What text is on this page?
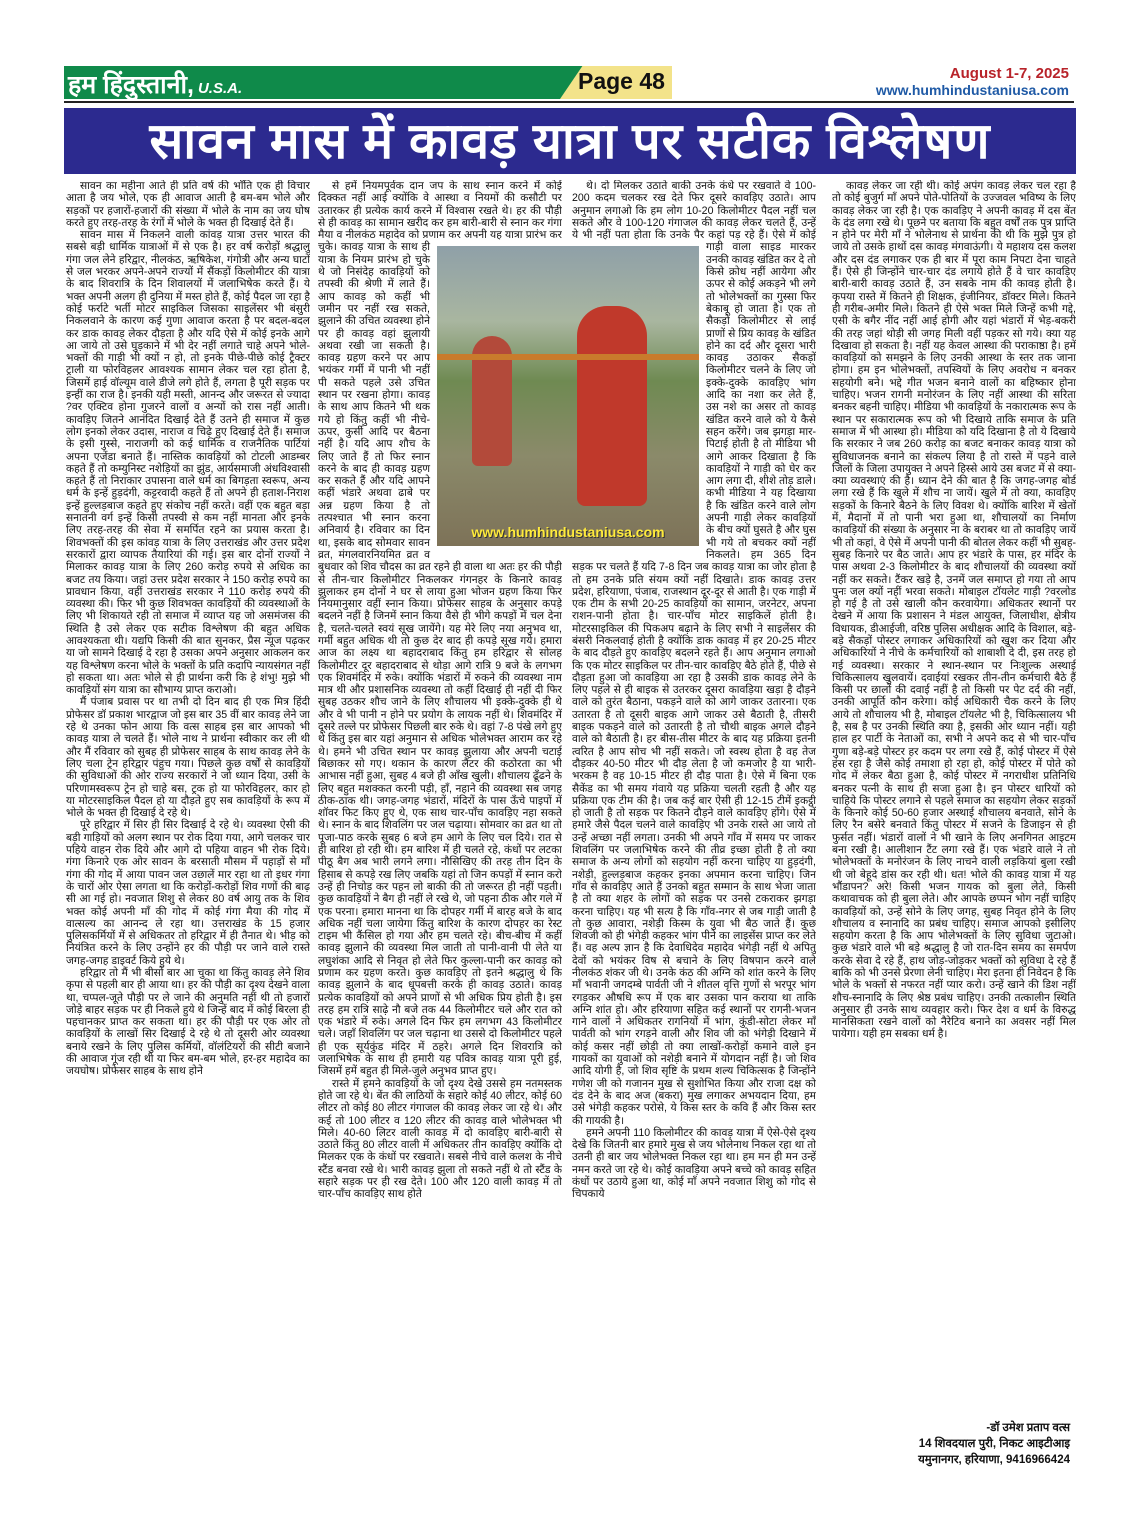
हम हिंदुस्तानी, U.S.A.	Page 48	August 1-7, 2025
www.humhindustaniusa.com
सावन मास में कावड़ यात्रा पर सटीक विश्लेषण

सावन का महीना आते ही प्रति वर्ष की भाँति एक ही विचार आता है जय भोले, एक ही आवाज आती है बम-बम भोले और सड़कों पर हजारों-हजारों की संख्या में भोले के नाम का जय घोष करते हुए तरह-तरह के रंगों में भोले के भक्त ही दिखाई देते हैं।

सावन मास में निकलने वाली कांवड़ यात्रा उत्तर भारत की सबसे बड़ी धार्मिक यात्राओं में से एक है। हर वर्ष करोड़ों श्रद्धालु गंगा जल लेने हरिद्वार, नीलकंठ, ऋषिकेश, गंगोत्री और अन्य घाटों से जल भरकर अपने-अपने राज्यों में सैंकड़ों किलोमीटर की यात्रा के बाद शिवरात्रि के दिन शिवालयों में जलाभिषेक करते हैं। ये भक्त अपनी अलग ही दुनिया में मस्त होते हैं, कोई पैदल जा रहा है कोई फर्राटे भर्ती मोटर साइकिल जिसका साइलेंसर भी बंसुरी निकलवाने के कारण कई गुणा आवाज करता है पर बदल-बदल कर डाक कावड़ लेकर दौड़ता है और यदि ऐसे में कोई इनके आगे आ जाये तो उसे घुड़काने में भी देर नहीं लगाते चाहे अपने भोले-भक्तों की गाड़ी भी क्यों न हो, तो इनके पीछे-पीछे कोई ट्रैक्टर ट्राली या फोरविहलर आवश्यक सामान लेकर चल रहा होता है, जिसमें हाई वॉल्यूम वाले डीजे लगे होते हैं, लगता है पूरी सड़क पर इन्हीं का राज है। इनकी यही मस्ती, आनन्द और जरूरत से ज्यादा ?वर एक्टिव होना गुजरने वालों व अन्यों को रास नहीं आती। कावड़िए जितने आनंदित दिखाई देते हैं उतने ही समाज में कुछ लोग इनको लेकर उदास, नाराज व चिढ़े हुए दिखाई देते हैं। समाज के इसी गुस्से, नाराजगी को कई धार्मिक व राजनैतिक पार्टियां अपना एजेंडा बनाते हैं। नास्तिक कावड़ियों को टोटली आडम्बर कहते हैं तो कम्युनिस्ट नशेड़ियों का झुंड, आर्यसमाजी अंधविश्वासी कहते हैं तो निराकार उपासना वाले धर्म का बिगड़ता स्वरूप, अन्य धर्म के इन्हें हुड़दंगी, कट्टरवादी कहते हैं तो अपने ही हताश-निराश इन्हें हुल्लड़बाज कहते हुए संकोच नहीं करते। वहीं एक बहुत बड़ा सनातनी वर्ग इन्हें किसी तपस्वी से कम नहीं मानता और इनके लिए तरह-तरह की सेवा में समर्पित रहने का प्रयास करता है। शिवभक्तों की इस कांवड़ यात्रा के लिए उत्तराखंड और उत्तर प्रदेश सरकारों द्वारा व्यापक तैयारियां की गई। इस बार दोनों राज्यों ने मिलाकर कावड़ यात्रा के लिए 260 करोड़ रुपये से अधिक का बजट तय किया। जहां उत्तर प्रदेश सरकार ने 150 करोड़ रुपये का प्रावधान किया, वहीं उत्तराखंड सरकार ने 110 करोड़ रुपये की व्यवस्था की। फिर भी कुछ शिवभक्त कावड़ियों की व्यवस्थाओं के लिए भी शिकायते रही तो समाज में व्याप्त यह जो असमंजस की स्थिति है उसे लेकर एक सटीक विश्लेषण की बहुत अधिक आवश्यकता थी। यद्यपि किसी की बात सुनकर, प्रैस न्यूज पढ़कर या जो सामने दिखाई दे रहा है उसका अपने अनुसार आकलन कर यह विश्लेषण करना भोले के भक्तों के प्रति कदापि न्यायसंगत नहीं हो सकता था। अतः भोले से ही प्रार्थना करी कि हे शंभु! मुझे भी कावड़ियों संग यात्रा का सौभाग्य प्राप्त कराओ।

मैं पंजाब प्रवास पर था तभी दो दिन बाद ही एक मित्र हिंदी प्रोफेसर डॉ प्रकाश भारद्वाज जो इस बार 35 वीं बार कावड़ लेने जा रहे थे उनका फोन आया कि वत्स साहब इस बार आपको भी कावड़ यात्रा ले चलते हैं। भोले नाथ ने प्रार्थना स्वीकार कर ली थी और मैं रविवार को सुबह ही प्रोफेसर साहब के साथ कावड़ लेने के लिए चला ट्रेन हरिद्वार पंहुच गया। पिछले कुछ वर्षों से कावड़ियों की सुविधाओं की ओर राज्य सरकारों ने जो ध्यान दिया, उसी के परिणामस्वरूप ट्रेन हो चाहे बस, ट्रक हो या फोरविहलर, कार हो या मोटरसाइकिल पैदल हो या दौड़ते हुए सब कावड़ियों के रूप में भोले के भक्त ही दिखाई दे रहे थे।

पूरे हरिद्वार में सिर ही सिर दिखाई दे रहे थे। व्यवस्था ऐसी की बड़ी गाड़ियों को अलग स्थान पर रोक दिया गया, आगे चलकर चार पहिये वाहन रोक दिये और आगे दो पहिया वाहन भी रोक दिये। गंगा किनारे एक ओर सावन के बरसाती मौसम में पहाड़ों से माँ गंगा की गोद में आया पावन जल उछालें मार रहा था तो इधर गंगा के चारों ओर ऐसा लगता था कि करोड़ों-करोड़ों शिव गणों की बाढ़ सी आ गई हो। नवजात शिशु से लेकर 80 वर्ष आयु तक के शिव भक्त कोई अपनी माँ की गोद में कोई गंगा मैया की गोद में वात्सल्य का आनन्द ले रहा था। उत्तराखंड के 15 हजार पुलिसकर्मियों में से अधिकतर तो हरिद्वार में ही तैनात थे। भीड़ को नियंत्रित करने के लिए उन्होंने हर की पौड़ी पर जाने वाले रास्ते जगह-जगह डाइवर्ट किये हुये थे।

हरिद्वार तो मैं भी बीसों बार आ चुका था किंतु कावड़ लेने शिव कृपा से पहली बार ही आया था। हर की पौड़ी का दृश्य देखने वाला था, चप्पल-जूते पौड़ी पर ले जाने की अनुमति नहीं थी तो हजारों जोड़े बाहर सड़क पर ही निकले हुये थे जिन्हें बाद में कोई बिरला ही पहचानकर प्राप्त कर सकता था। हर की पौड़ी पर एक ओर तो कावड़ियों के लाखों सिर दिखाई दे रहे थे तो दूसरी ओर व्यवस्था बनाये रखने के लिए पुलिस कर्मियों, वॉलंटियरों की सीटी बजाने की आवाज गूंज रही थी या फिर बम-बम भोले, हर-हर महादेव का जयघोष। प्रोफेसर साहब के साथ होने

से हमें नियमपूर्वक दान जप के साथ स्नान करने में कोई दिक्कत नहीं आई क्योंकि वे आस्था व नियमों की कसौटी पर उतारकर ही प्रत्येक कार्य करने में विश्वास रखते थे। हर की पौड़ी से ही कावड़ का सामान खरीद कर हम बारी-बारी से स्नान कर गंगा मैया व नीलकंठ महादेव को प्रणाम कर अपनी यह यात्रा प्रारंभ कर चुके। कावड़ यात्रा के साथ ही यात्रा के नियम प्रारंभ हो चुके थे जो निसंदेह कावड़ियों को तपस्वी की श्रेणी में लाते हैं। आप कावड़ को कहीं भी जमीन पर नहीं रख सकते, झुलाने की उचित व्यवस्था होने पर ही कावड़ वहां झुलायी अथवा रखी जा सकती है। कावड़ ग्रहण करने पर आप भयंकर गर्मी में पानी भी नहीं पी सकते पहले उसे उचित स्थान पर रखना होगा। कावड़ के साथ आप कितने भी थक गये हो किंतु कहीं भी नीचे-ऊपर, कुर्सी आदि पर बैठना नहीं है। यदि आप शौच के लिए जाते हैं तो फिर स्नान करने के बाद ही कावड़ ग्रहण कर सकते हैं और यदि आपने कहीं भंडारे अथवा ढाबे पर अन्न ग्रहण किया है तो तत्पश्चात भी स्नान करना अनिवार्य है। रविवार का दिन था, इसके बाद सोमवार सावन व्रत, मंगलवारनियमित व्रत व बुधवार को शिव चौदस का व्रत रहने ही वाला था अतः हर की पौड़ी से तीन-चार किलोमीटर निकलकर गंगनहर के किनारे कावड़ झुलाकर हम दोनों ने घर से लाया हुआ भोजन ग्रहण किया फिर नियमानुसार वहीं स्नान किया। प्रोफेसर साहब के अनुसार कपड़े बदलने नहीं है जिनमें स्नान किया वैसे ही भीगे कपड़ों में चल देना है, चलते-चलते स्वयं सूख जायेंगे। यह मेरे लिए नया अनुभव था, गर्मी बहुत अधिक थी तो कुछ देर बाद ही कपड़े सूख गये। हमारा आज का लक्ष्य था बहादराबाद किंतु हम हरिद्वार से सोलह किलोमीटर दूर बहादराबाद से थोड़ा आगे रात्रि 9 बजे के लगभग एक शिवमंदिर में रुके। क्योंकि भंडारों में रुकने की व्यवस्था नाम मात्र थी और प्रशासनिक व्यवस्था तो कहीं दिखाई ही नहीं दी फिर सुबह उठकर शौच जाने के लिए शौचालय भी इक्के-दुक्के ही थे और वे भी पानी न होने पर प्रयोग के लायक नहीं थे। शिवमंदिर में दूसरे तल्ले पर प्रोफेसर पिछली बार रुके थे। वहां 7-8 पंखे लगे हुए थे किंतु इस बार यहां अनुमान से अधिक भोलेभक्त आराम कर रहे थे। हमने भी उचित स्थान पर कावड़ झुलाया और अपनी चटाई बिछाकर सो गए। थकान के कारण लैंटर की कठोरता का भी आभास नहीं हुआ, सुबह 4 बजे ही आँख खुली। शौचालय ढूँढने के लिए बहुत मशक्कत करनी पड़ी, हाँ, नहाने की व्यवस्था सब जगह ठीक-ठाक थी। जगह-जगह भंडारों, मंदिरों के पास ऊँचे पाइपों में शॉवर फिट किए हुए थे, एक साथ चार-पाँच कावड़िए नहा सकते थे। स्नान के बाद शिवलिंग पर जल चढ़ाया। सोमवार का व्रत था तो पूजा-पाठ करके सुबह 6 बजे हम आगे के लिए चल दिये। रात से ही बारिश हो रही थी। हम बारिश में ही चलते रहे, कंधों पर लटका पीठू बैग अब भारी लगने लगा। नौसिखिए की तरह तीन दिन के हिसाब से कपड़े रख लिए जबकि यहां तो जिन कपड़ों में स्नान करो उन्हें ही निचोड़ कर पहन लो बाकी की तो जरूरत ही नहीं पड़ती। कुछ कावड़ियों ने बैग ही नहीं ले रखे थे, जो पहना ठीक और गले में एक परना। हमारा मानना था कि दोपहर गर्मी में बारह बजे के बाद अधिक नहीं चला जायेगा किंतु बारिश के कारण दोपहर का रेस्ट टाइम भी कैंसिल हो गया और हम चलते रहे। बीच-बीच में कहीं कावड़ झुलाने की व्यवस्था मिल जाती तो पानी-वानी पी लेते या लघुशंका आदि से निवृत हो लेते फिर कुल्ला-पानी कर कावड़ को प्रणाम कर ग्रहण करते। कुछ कावड़िए तो इतने श्रद्धालु थे कि कावड़ झुलाने के बाद धूपबत्ती करके ही कावड़ उठाते। कावड़ प्रत्येक कावड़ियों को अपने प्राणों से भी अधिक प्रिय होती है। इस तरह हम रात्रि साढ़े नौ बजे तक 44 किलोमीटर चले और रात को एक भंडारे में रुके। अगले दिन फिर हम लगभग 43 किलोमीटर चले। जहाँ शिवलिंग पर जल चढ़ाना था उससे दो किलोमीटर पहले ही एक सूर्यकुंड मंदिर में ठहरे। अगले दिन शिवरात्रि को जलाभिषेक के साथ ही हमारी यह पवित्र कावड़ यात्रा पूरी हुई, जिसमें हमें बहुत ही मिले-जुले अनुभव प्राप्त हुए।

रास्ते में हमने कावड़ियों के जो दृश्य देखे उससे हम नतमस्तक होते जा रहे थे। बेंत की लाठियों के सहारे कोई 40 लीटर, कोई 60 लीटर तो कोई 80 लीटर गंगाजल की कावड़ लेकर जा रहे थे। और कई तो 100 लीटर व 120 लीटर की कावड़ वाले भोलेभक्त भी मिले। 40-60 लिटर वाली कावड़ में दो कावड़िए बारी-बारी से उठाते किंतु 80 लीटर वाली में अधिकतर तीन कावड़िए क्योंकि दो मिलकर एक के कंधों पर रखवाते। सबसे नीचे वाले कलश के नीचे स्टैंड बनवा रखे थे। भारी कावड़ झुला तो सकते नहीं थे तो स्टैंड के सहारे सड़क पर ही रख देते। 100 और 120 वाली कावड़ में तो चार-पाँच कावड़िए साथ होते

थे। दो मिलकर उठाते बाकी उनके कंधे पर रखवाते वे 100-200 कदम चलकर रख देते फिर दूसरे कावड़िए उठाते। आप अनुमान लगाओ कि हम लोग 10-20 किलोमीटर पैदल नहीं चल सकते और वे 100-120 गंगाजल की कावड़ लेकर चलते हैं, उन्हें ये भी नहीं पता होता कि उनके पैर कहां पड़ रहे हैं। ऐसे में कोई गाड़ी वाला साइड मारकर उनकी कावड़ खंडित कर दे तो किसे क्रोध नहीं आयेगा और ऊपर से कोई अकड़ने भी लगे तो भोलेभक्तों का गुस्सा फिर बेकाबू हो जाता है। एक तो सैकड़ों किलोमीटर से लाई प्राणों से प्रिय कावड़ के खंडित होने का दर्द और दूसरा भारी कावड़ उठाकर सैकड़ों किलोमीटर चलने के लिए जो इक्के-दुक्के कावड़िए भांग आदि का नशा कर लेते हैं, उस नशे का असर तो कावड़ खंडित करने वाले को ये कैसे सहन करेंगे। जब झगड़ा मार-पिटाई होती है तो मीडिया भी आगे आकर दिखाता है कि कावड़ियों ने गाड़ी को घेर कर आग लगा दी, शीशे तोड़ डाले। कभी मीडिया ने यह दिखाया है कि खंडित करने वाले लोग अपनी गाड़ी लेकर कावड़ियों के बीच क्यों घुसते है और घुस भी गये तो बचकर क्यों नहीं निकलते। हम 365 दिन सड़क पर चलते हैं यदि 7-8 दिन जब कावड़ यात्रा का जोर होता है तो हम उनके प्रति संयम क्यों नहीं दिखाते। डाक कावड़ उत्तर प्रदेश, हरियाणा, पंजाब, राजस्थान दूर-दूर से आती है। एक गाड़ी में एक टीम के सभी 20-25 कावड़ियों का सामान, जरनेटर, अपना राशन-पानी होता है। चार-पाँच मोटर साइकिलें होती है। मोटरसाइकिल की पिकअप बढ़ाने के लिए सभी ने साइलेंसर की बंसरी निकलवाई होती है क्योंकि डाक कावड़ में हर 20-25 मीटर के बाद दौड़ते हुए कावड़िए बदलने रहते हैं। आप अनुमान लगाओ कि एक मोटर साइकिल पर तीन-चार कावड़िए बैठे होते हैं, पीछे से दौड़ता हुआ जो कावड़िया आ रहा है उसकी डाक कावड़ लेने के लिए पहले से ही बाइक से उतरकर दूसरा कावड़िया खड़ा है दौड़ने वाले को तुरंत बैठाना, पकड़ने वाले को आगे जाकर उतारना। एक उतारता है तो दूसरी बाइक आगे जाकर उसे बैठाती है, तीसरी बाइक पकड़ने वाले को उतारती है तो चौथी बाइक अगले दौड़ने वाले को बैठाती है। हर बीस-तीस मीटर के बाद यह प्रक्रिया इतनी त्वरित है आप सोच भी नहीं सकते। जो स्वस्थ होता है वह तेज दौड़कर 40-50 मीटर भी दौड़ लेता है जो कमजोर है या भारी-भरकम है वह 10-15 मीटर ही दौड़ पाता है। ऐसे में बिना एक सैकेंड का भी समय गंवाये यह प्रक्रिया चलती रहती है और यह प्रक्रिया एक टीम की है। जब कई बार ऐसी ही 12-15 टीमें इकट्ठी हो जाती है तो सड़क पर कितने दौड़ने वाले कावड़िए होंगे। ऐसे में हमारे जैसे पैदल चलने वाले कावड़िए भी उनके रास्ते आ जाये तो उन्हें अच्छा नहीं लगता। उनकी भी अपने गाँव में समय पर जाकर शिवलिंग पर जलाभिषेक करने की तीव्र इच्छा होती है तो क्या समाज के अन्य लोगों को सहयोग नहीं करना चाहिए या हुड़दंगी, नशेड़ी, हुल्लड़बाज कहकर इनका अपमान करना चाहिए। जिन गाँव से कावड़िए आते हैं उनको बहुत सम्मान के साथ भेजा जाता है तो क्या शहर के लोगों को सड़क पर उनसे टकराकर झगड़ा करना चाहिए। यह भी सत्य है कि गाँव-नगर से जब गाड़ी जाती है तो कुछ आवारा, नशेड़ी किस्म के युवा भी बैठ जाते हैं। कुछ शिवजी को ही भंगेड़ी कहकर भांग पीने का लाइसेंस प्राप्त कर लेते हैं। वह अल्प ज्ञान है कि देवाधिदेव महादेव भंगेड़ी नहीं थे अपितु देवों को भयंकर विष से बचाने के लिए विषपान करने वाले नीलकंठ शंकर जी थे। उनके कंठ की अग्नि को शांत करने के लिए माँ भवानी जगदम्बे पार्वती जी ने शीतल वृत्ति गुणों से भरपूर भांग रगड़कर औषधि रूप में एक बार उसका पान कराया था ताकि अग्नि शांत हो। और हरियाणा सहित कई स्थानों पर रागनी-भजन गाने वालों ने अधिकतर रागनियों में भांग, कुंडी-सोटा लेकर माँ पार्वती को भांग रगड़ने वाली और शिव जी को भंगेड़ी दिखाने में कोई कसर नहीं छोड़ी तो क्या लाखों-करोड़ों कमाने वाले इन गायकों का युवाओं को नशेड़ी बनाने में योगदान नहीं है। जो शिव आदि योगी है, जो शिव सृष्टि के प्रथम शल्य चिकित्सक है जिन्होंने गणेश जी को गजानन मुख से सुशोभित किया और राजा दक्ष को दंड देने के बाद अज (बकरा) मुख लगाकर अभयदान दिया, हम उसे भंगेड़ी कहकर परोसे, ये किस स्तर के कवि हैं और किस स्तर की गायकी है।

हमने अपनी 110 किलोमीटर की कावड़ यात्रा में ऐसे-ऐसे दृश्य देखे कि जितनी बार हमारे मुख से जय भोलेनाथ निकल रहा था तो उतनी ही बार जय भोलेभक्त निकल रहा था। हम मन ही मन उन्हें नमन करते जा रहे थे। कोई कावड़िया अपने बच्चे को कावड़ सहित कंधों पर उठाये हुआ था, कोई माँ अपने नवजात शिशु को गोद से चिपकाये

कावड़ लेकर जा रही थी। कोई अपंग कावड़ लेकर चल रहा है तो कोई बुजुर्ग माँ अपने पोते-पोतियों के उज्जवल भविष्य के लिए कावड़ लेकर जा रही है। एक कावड़िए ने अपनी कावड़ में दस बेंत के दंड लगा रखे थे। पूछने पर बताया कि बहुत वर्षों तक पुत्र प्राप्ति न होने पर मेरी माँ ने भोलेनाथ से प्रार्थना की थी कि मुझे पुत्र हो जाये तो उसके हाथों दस कावड़ मंगवाऊंगी। ये महाशय दस कलश और दस दंड लगाकर एक ही बार में पूरा काम निपटा देना चाहते हैं। ऐसे ही जिन्होंने चार-चार दंड लगाये होते हैं वे चार कावड़िए बारी-बारी कावड़ उठाते हैं, उन सबके नाम की कावड़ होती है। कृपया रास्ते में कितने ही शिक्षक, इंजीनियर, डॉक्टर मिले। कितने ही गरीब-अमीर मिले। कितने ही ऐसे भक्त मिले जिन्हें कभी गद्दे, एसी के बगैर नींद नहीं आई होगी और यहां भंडारों में भेड़-बकरी की तरह जहां थोड़ी सी जगह मिली वहीं पड़कर सो गये। क्या यह दिखावा हो सकता है। नहीं यह केवल आस्था की पराकाष्ठा है। हमें कावड़ियों को समझने के लिए उनकी आस्था के स्तर तक जाना होगा। हम इन भोलेभक्तों, तपस्वियों के लिए अवरोध न बनकर सहयोगी बने। भद्दे गीत भजन बनाने वालों का बहिष्कार होना चाहिए। भजन रागनी मनोरंजन के लिए नहीं आस्था की सरिता बनकर बहनी चाहिए। मीडिया भी कावड़ियों के नकारात्मक रूप के स्थान पर सकारात्मक रूप को भी दिखाये ताकि समाज के प्रति समाज में भी आस्था हो। मीडिया को यदि दिखाना है तो ये दिखाये कि सरकार ने जब 260 करोड़ का बजट बनाकर कावड़ यात्रा को सुविधाजनक बनाने का संकल्प लिया है तो रास्ते में पड़ने वाले जिलों के जिला उपायुक्त ने अपने हिस्से आये उस बजट में से क्या-क्या व्यवस्थाएं की है। ध्यान देने की बात है कि जगह-जगह बोर्ड लगा रखे हैं कि खुले में शौच ना जायें। खुले में तो क्या, कावड़िए सड़कों के किनारे बैठने के लिए विवश थे। क्योंकि बारिश में खेतों में, मैदानों में तो पानी भरा हुआ था, शौचालयों का निर्माण कावड़ियों की संख्या के अनुसार ना के बराबर था तो कावड़िए जायें भी तो कहां, वे ऐसे में अपनी पानी की बोतल लेकर कहीं भी सुबह-सुबह किनारे पर बैठ जाते। आप हर भंडारे के पास, हर मंदिर के पास अथवा 2-3 किलोमीटर के बाद शौचालयों की व्यवस्था क्यों नहीं कर सकते। टैंकर खड़े है, उनमें जल समाप्त हो गया तो आप पुनः जल क्यों नहीं भरवा सकते। मोबाइल टॉयलेट गाड़ी ?वरलोड हो गई है तो उसे खाली कौन करवायेगा। अधिकतर स्थानों पर देखने में आया कि प्रशासन ने मंडल आयुक्त, जिलाधीश, क्षेत्रीय विधायक, डीआईजी, वरिष्ठ पुलिस अधीक्षक आदि के विशाल, बड़े-बड़े सैकड़ों पोस्टर लगाकर अधिकारियों को खुश कर दिया और अधिकारियों ने नीचे के कर्मचारियों को शाबाशी दे दी, इस तरह हो गई व्यवस्था। सरकार ने स्थान-स्थान पर निःशुल्क अस्थाई चिकित्सालय खुलवायें। दवाईयां रखकर तीन-तीन कर्मचारी बैठे हैं किसी पर छालों की दवाई नहीं है तो किसी पर पेट दर्द की नहीं, उनकी आपूर्ति कौन करेगा। कोई अधिकारी चैक करने के लिए आये तो शौचालय भी है, मोबाइल टॉयलेट भी है, चिकित्सालय भी है, सब है पर उनकी स्थिति क्या है, इसकी ओर ध्यान नहीं। यही हाल हर पार्टी के नेताओं का, सभी ने अपने कद से भी चार-पाँच गुणा बड़े-बड़े पोस्टर हर कदम पर लगा रखे हैं, कोई पोस्टर में ऐसे हंस रहा है जैसे कोई तमाशा हो रहा हो, कोई पोस्टर में पोते को गोद में लेकर बैठा हुआ है, कोई पोस्टर में नगराधीश प्रतिनिधि बनकर पत्नी के साथ ही सजा हुआ है। इन पोस्टर धारियों को चाहिये कि पोस्टर लगाने से पहले समाज का सहयोग लेकर सड़कों के किनारे कोई 50-60 हजार अस्थाई शौचालय बनवाते, सोने के लिए रैन बसेरे बनवाते किंतु पोस्टर में सजने के डिजाइन से ही फुर्सत नहीं। भंडारों वालों ने भी खाने के लिए अनगिनत आइटम बना रखी है। आलीशान टैंट लगा रखे हैं। एक भंडारे वाले ने तो भोलेभक्तों के मनोरंजन के लिए नाचने वाली लड़कियां बुला रखी थी जो बेहूदे डांस कर रही थी। धत! भोले की कावड़ यात्रा में यह भौंडापन? अरे! किसी भजन गायक को बुला लेते, किसी कथावाचक को ही बुला लेते। और आपके छप्पन भोग नहीं चाहिए कावड़ियों को, उन्हें सोने के लिए जगह, सुबह निवृत होने के लिए शौचालय व स्नानादि का प्रबंध चाहिए। समाज आपको इसीलिए सहयोग करता है कि आप भोलेभक्तों के लिए सुविधा जुटाओ। कुछ भंडारे वाले भी बड़े श्रद्धालु है जो रात-दिन समय का समर्पण करके सेवा दे रहे हैं, हाथ जोड़-जोड़कर भक्तों को सुविधा दे रहे हैं बाकि को भी उनसे प्रेरणा लेनी चाहिए। मेरा इतना ही निवेदन है कि भोले के भक्तों से नफरत नहीं प्यार करो। उन्हें खाने की डिश नहीं शौच-स्नानादि के लिए श्रेष्ठ प्रबंध चाहिए। उनकी तत्कालीन स्थिति अनुसार ही उनके साथ व्यवहार करो। फिर देश व धर्म के विरुद्ध मानसिकता रखने वालों को नैरेटिव बनाने का अवसर नहीं मिल पायेगा। यही हम सबका धर्म है।

www.humhindustaniusa.com
-डॉ उमेश प्रताप वत्स
14 शिवदयाल पुरी, निकट आइटीआइ
यमुनानगर, हरियाणा, 9416966424
